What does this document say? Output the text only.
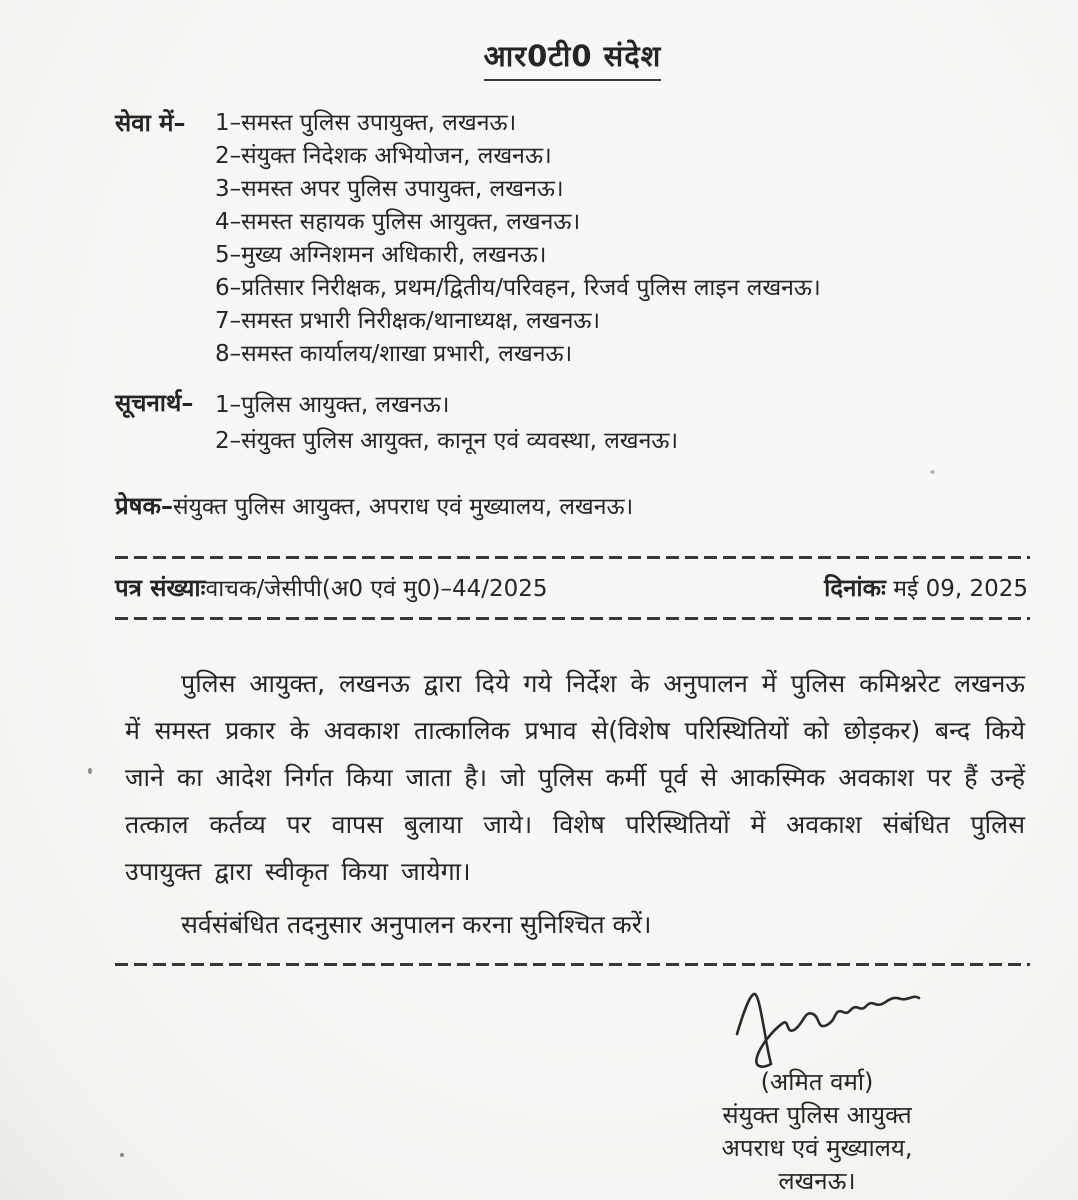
आर0टी0 संदेश
सेवा में–	1–समस्त पुलिस उपायुक्त, लखनऊ।
2–संयुक्त निदेशक अभियोजन, लखनऊ।
3–समस्त अपर पुलिस उपायुक्त, लखनऊ।
4–समस्त सहायक पुलिस आयुक्त, लखनऊ।
5–मुख्य अग्निशमन अधिकारी, लखनऊ।
6–प्रतिसार निरीक्षक, प्रथम/द्वितीय/परिवहन, रिजर्व पुलिस लाइन लखनऊ।
7–समस्त प्रभारी निरीक्षक/थानाध्यक्ष, लखनऊ।
8–समस्त कार्यालय/शाखा प्रभारी, लखनऊ।
सूचनार्थ– 1–पुलिस आयुक्त, लखनऊ।
2–संयुक्त पुलिस आयुक्त, कानून एवं व्यवस्था, लखनऊ।
प्रेषक–संयुक्त पुलिस आयुक्त, अपराध एवं मुख्यालय, लखनऊ।
पत्र संख्याःवाचक/जेसीपी(अ0 एवं मु0)–44/2025	दिनांकः मई 09, 2025

पुलिस आयुक्त, लखनऊ द्वारा दिये गये निर्देश के अनुपालन में पुलिस कमिश्नरेट लखनऊ में समस्त प्रकार के अवकाश तात्कालिक प्रभाव से(विशेष परिस्थितियों को छोड़कर) बन्द किये जाने का आदेश निर्गत किया जाता है। जो पुलिस कर्मी पूर्व से आकस्मिक अवकाश पर हैं उन्हें तत्काल कर्तव्य पर वापस बुलाया जाये। विशेष परिस्थितियों में अवकाश संबंधित पुलिस उपायुक्त द्वारा स्वीकृत किया जायेगा।

सर्वसंबंधित तदनुसार अनुपालन करना सुनिश्चित करें।

(अमित वर्मा)
संयुक्त पुलिस आयुक्त
अपराध एवं मुख्यालय,
लखनऊ।
